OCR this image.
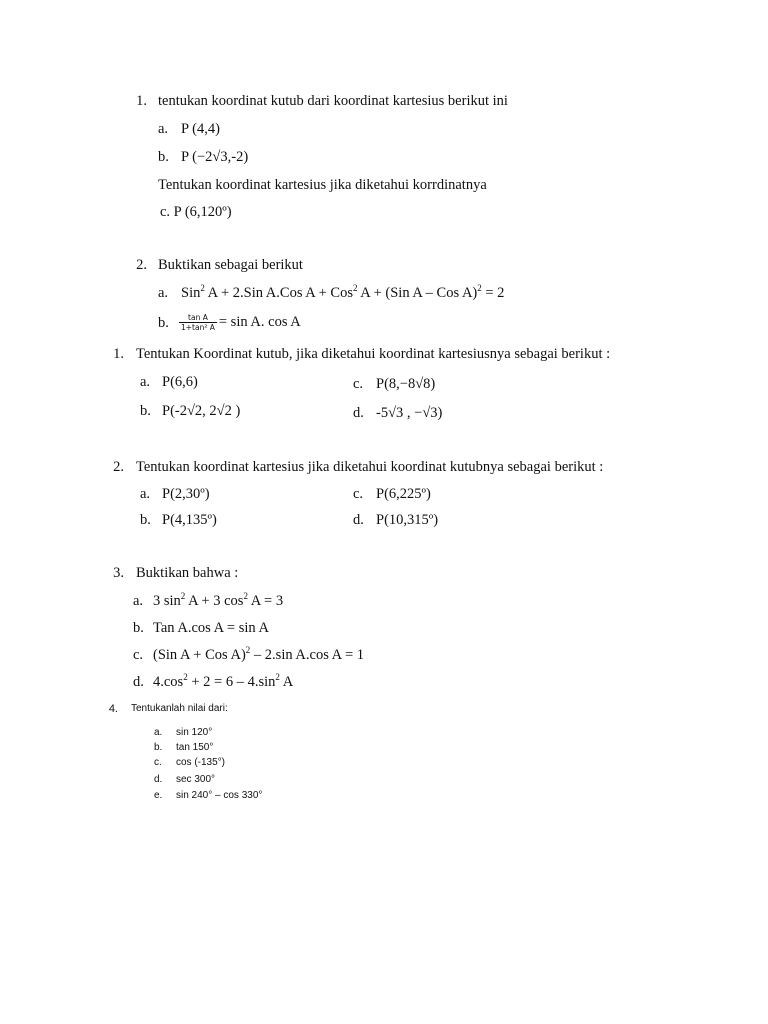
1. tentukan koordinat kutub dari koordinat kartesius berikut ini
a. P (4,4)
b. P (−2√3,-2)
Tentukan koordinat kartesius jika diketahui korrdinatnya
c. P (6,120º)
2. Buktikan sebagai berikut
a. Sin$^2$ A + 2.Sin A.Cos A + Cos$^2$ A + (Sin A – Cos A)$^2$ = 2
b. $\frac{\text{tan A}}{\text{1+tan² A}} = \sin A$. cos A
1. Tentukan Koordinat kutub, jika diketahui koordinat kartesiusnya sebagai berikut :
a. P(6,6)	c. P(8,−8√8)
b. P(-2√2, 2√2 )	d. -5√3 , −√3)
2. Tentukan koordinat kartesius jika diketahui koordinat kutubnya sebagai berikut :
a. P(2,30º)	c. P(6,225º)
b. P(4,135º)	d. P(10,315º)
3. Buktikan bahwa :
a. 3 $\sin^2 A + 3$ $\cos^2 A = 3$
b. Tan A.cos A = sin A
c. (Sin A + Cos A)$^2$ – 2.sin A.cos A = 1
d. $4.\cos^2 + 2 = 6 - 4.\sin^2$ A
4. Tentukanlah nilai dari:
a. sin 120°
b. tan 150°
c. cos (-135°)
d. sec 300°
e. sin 240° – cos 330°
